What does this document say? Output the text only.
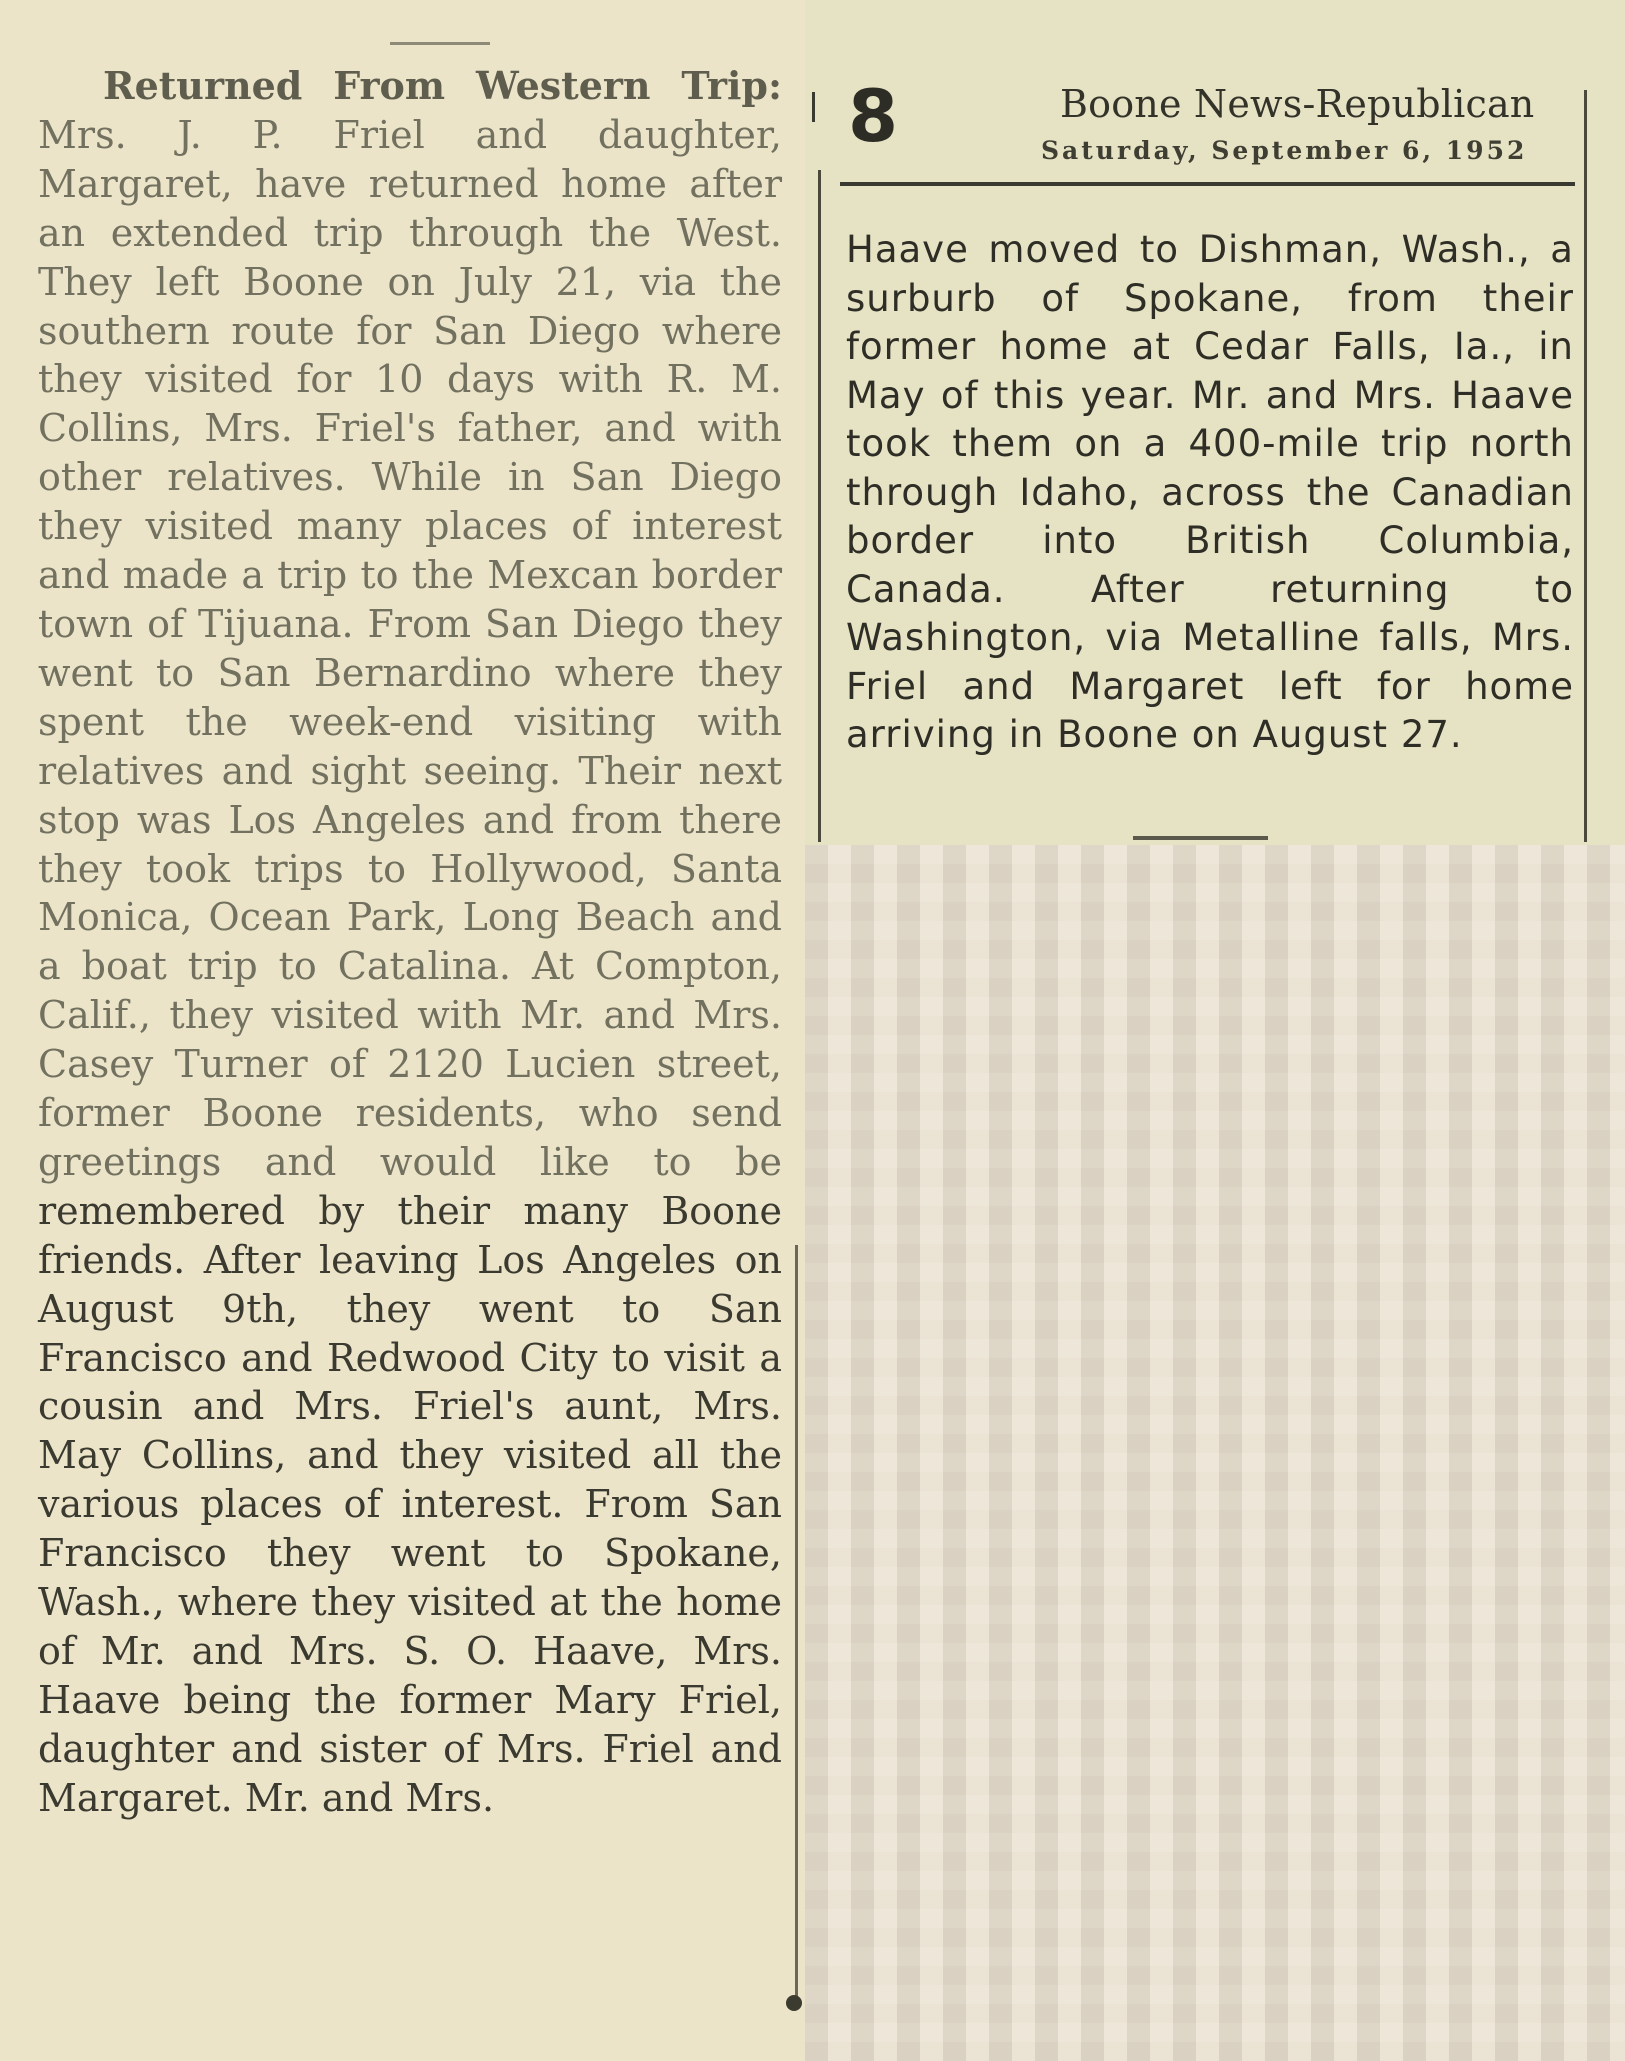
Returned From Western Trip: Mrs. J. P. Friel and daughter, Margaret, have returned home after an extended trip through the West. They left Boone on July 21, via the southern route for San Diego where they visited for 10 days with R. M. Collins, Mrs. Friel's father, and with other relatives. While in San Diego they visited many places of interest and made a trip to the Mexcan border town of Tijuana. From San Diego they went to San Bernardino where they spent the week-end visiting with relatives and sight seeing. Their next stop was Los Angeles and from there they took trips to Hollywood, Santa Monica, Ocean Park, Long Beach and a boat trip to Catalina. At Compton, Calif., they visited with Mr. and Mrs. Casey Turner of 2120 Lucien street, former Boone residents, who send greetings and would like to be remembered by their many Boone friends. After leaving Los Angeles on August 9th, they went to San Francisco and Redwood City to visit a cousin and Mrs. Friel's aunt, Mrs. May Collins, and they visited all the various places of interest. From San Francisco they went to Spokane, Wash., where they visited at the home of Mr. and Mrs. S. O. Haave, Mrs. Haave being the former Mary Friel, daughter and sister of Mrs. Friel and Margaret. Mr. and Mrs.
8	Boone News-Republican
Saturday, September 6, 1952
Haave moved to Dishman, Wash., a surburb of Spokane, from their former home at Cedar Falls, Ia., in May of this year. Mr. and Mrs. Haave took them on a 400-mile trip north through Idaho, across the Canadian border into British Columbia, Canada. After returning to Washington, via Metalline falls, Mrs. Friel and Margaret left for home arriving in Boone on August 27.
